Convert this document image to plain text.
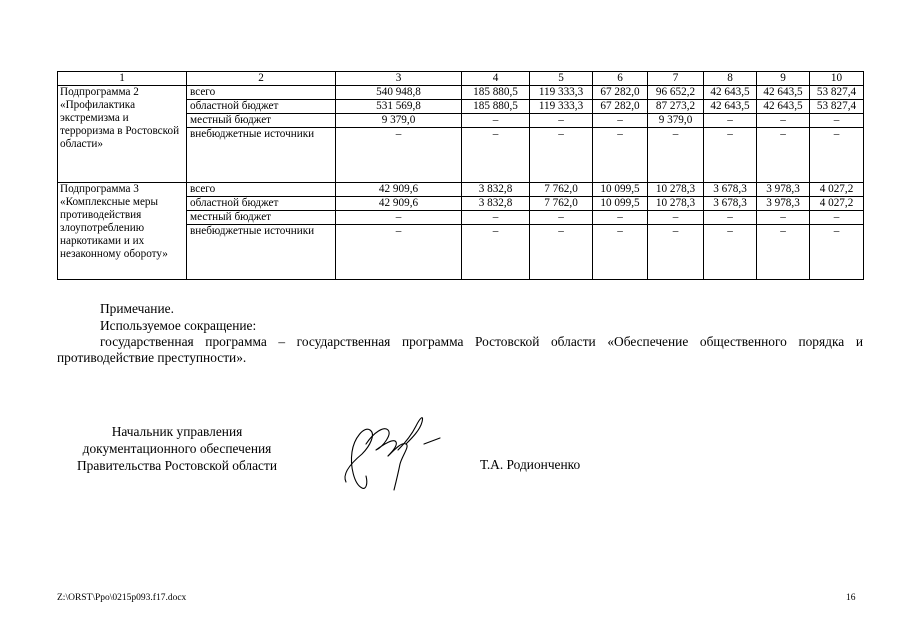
1	2	3	4	5	6	7	8	9	10
Подпрограмма 2 «Профилактика экстремизма и терроризма в Ростовской области»	всего	540 948,8	185 880,5	119 333,3	67 282,0	96 652,2	42 643,5	42 643,5	53 827,4
	областной бюджет	531 569,8	185 880,5	119 333,3	67 282,0	87 273,2	42 643,5	42 643,5	53 827,4
	местный бюджет	9 379,0	–	–	–	9 379,0	–	–	–
	внебюджетные источники	–	–	–	–	–	–	–	–
Подпрограмма 3 «Комплексные меры противодействия злоупотреблению наркотиками и их незаконному обороту»	всего	42 909,6	3 832,8	7 762,0	10 099,5	10 278,3	3 678,3	3 978,3	4 027,2
	областной бюджет	42 909,6	3 832,8	7 762,0	10 099,5	10 278,3	3 678,3	3 978,3	4 027,2
	местный бюджет	–	–	–	–	–	–	–	–
	внебюджетные источники	–	–	–	–	–	–	–	–
Примечание.
Используемое сокращение:
государственная программа – государственная программа Ростовской области «Обеспечение общественного порядка и противодействие преступности».
Начальник управления
документационного обеспечения
Правительства Ростовской области	Т.А. Родионченко
Z:\ORST\Ppo\0215p093.f17.docx	16
